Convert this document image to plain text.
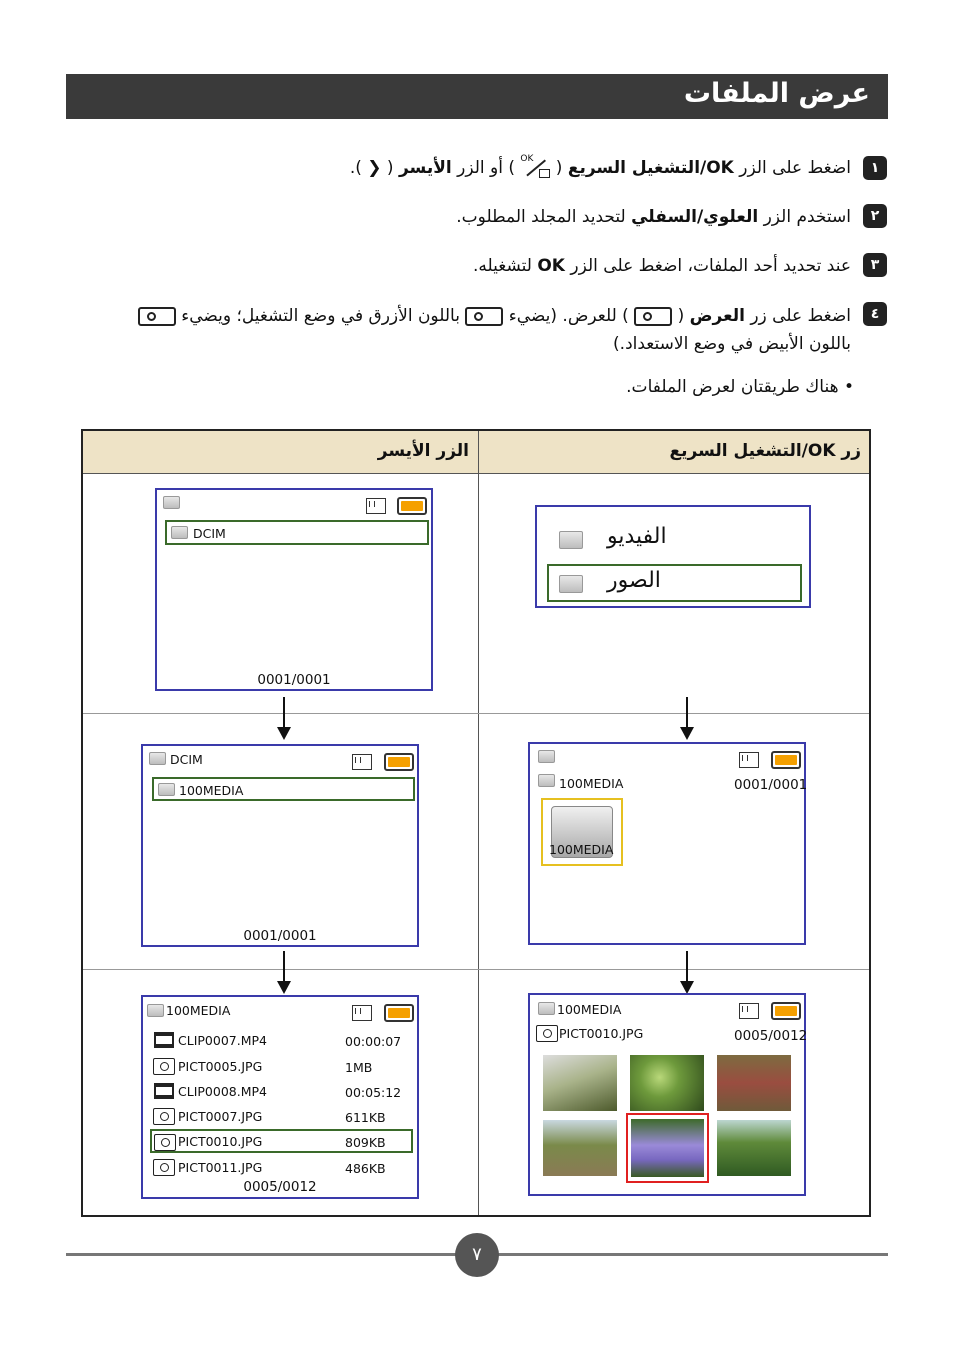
عرض الملفات
١
اضغط على الزر OK/التشغيل السريع (
OK
) أو الزر الأيسر ( ❮ ).
٢
استخدم الزر العلوي/السفلي لتحديد المجلد المطلوب.
٣
عند تحديد أحد الملفات، اضغط على الزر OK لتشغيله.
٤
اضغط على زر العرض (  ) للعرض. (يضيء  باللون الأزرق في وضع التشغيل؛ ويضيء
باللون الأبيض في وضع الاستعداد.)
• هناك طريقتان لعرض الملفات.
زر OK/التشغيل السريع
الزر الأيسر
الفيديو
الصور
DCIM
0001/0001
100MEDIA	0001/0001
100MEDIA
DCIM
100MEDIA
0001/0001
100MEDIA
PICT0010.JPG	0005/0012
100MEDIA
CLIP0007.MP4	00:00:07
PICT0005.JPG	1MB
CLIP0008.MP4	00:05:12
PICT0007.JPG	611KB
PICT0010.JPG	809KB
PICT0011.JPG	486KB
0005/0012
٧
